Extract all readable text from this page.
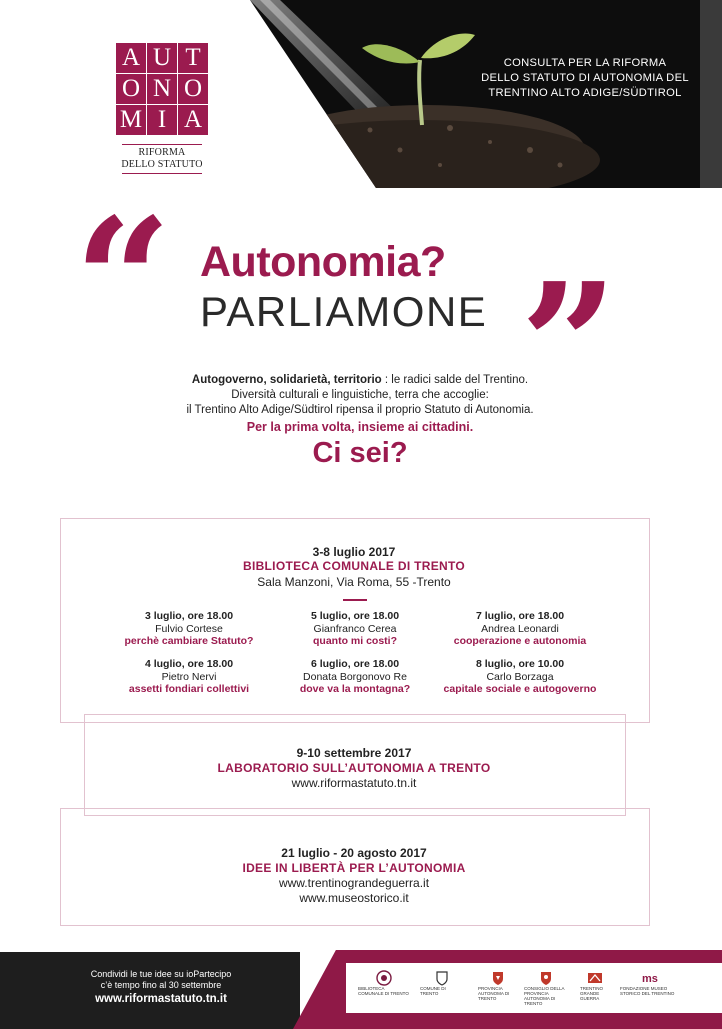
CONSULTA PER LA RIFORMA
DELLO STATUTO DI AUTONOMIA DEL
TRENTINO ALTO ADIGE/SÜDTIROL
A U T
O N O
M I A
RIFORMA
DELLO STATUTO
“ ”
Autonomia?
PARLIAMONE
Autogoverno, solidarietà, territorio : le radici salde del Trentino.
Diversità culturali e linguistiche, terra che accoglie:
il Trentino Alto Adige/Südtirol ripensa il proprio Statuto di Autonomia.
Per la prima volta, insieme ai cittadini.
Ci sei?
3-8 luglio 2017
BIBLIOTECA COMUNALE DI TRENTO
Sala Manzoni, Via Roma, 55 -Trento
3 luglio, ore 18.00
Fulvio Cortese
perchè cambiare Statuto?
5 luglio, ore 18.00
Gianfranco Cerea
quanto mi costi?
7 luglio, ore 18.00
Andrea Leonardi
cooperazione e autonomia
4 luglio, ore 18.00
Pietro Nervi
assetti fondiari collettivi
6 luglio, ore 18.00
Donata Borgonovo Re
dove va la montagna?
8 luglio, ore 10.00
Carlo Borzaga
capitale sociale e autogoverno
9-10 settembre 2017
LABORATORIO SULL’AUTONOMIA A TRENTO
www.riformastatuto.tn.it
21 luglio - 20 agosto 2017
IDEE IN LIBERTÀ PER L’AUTONOMIA
www.trentinograndeguerra.it
www.museostorico.it
Condividi le tue idee su ioPartecipo
c’è tempo fino al 30 settembre
www.riformastatuto.tn.it
BIBLIOTECA COMUNALE DI TRENTO
COMUNE DI TRENTO
PROVINCIA AUTONOMA DI TRENTO
CONSIGLIO DELLA PROVINCIA AUTONOMA DI TRENTO
TRENTINO GRANDE GUERRA
ms
FONDAZIONE MUSEO STORICO DEL TRENTINO
